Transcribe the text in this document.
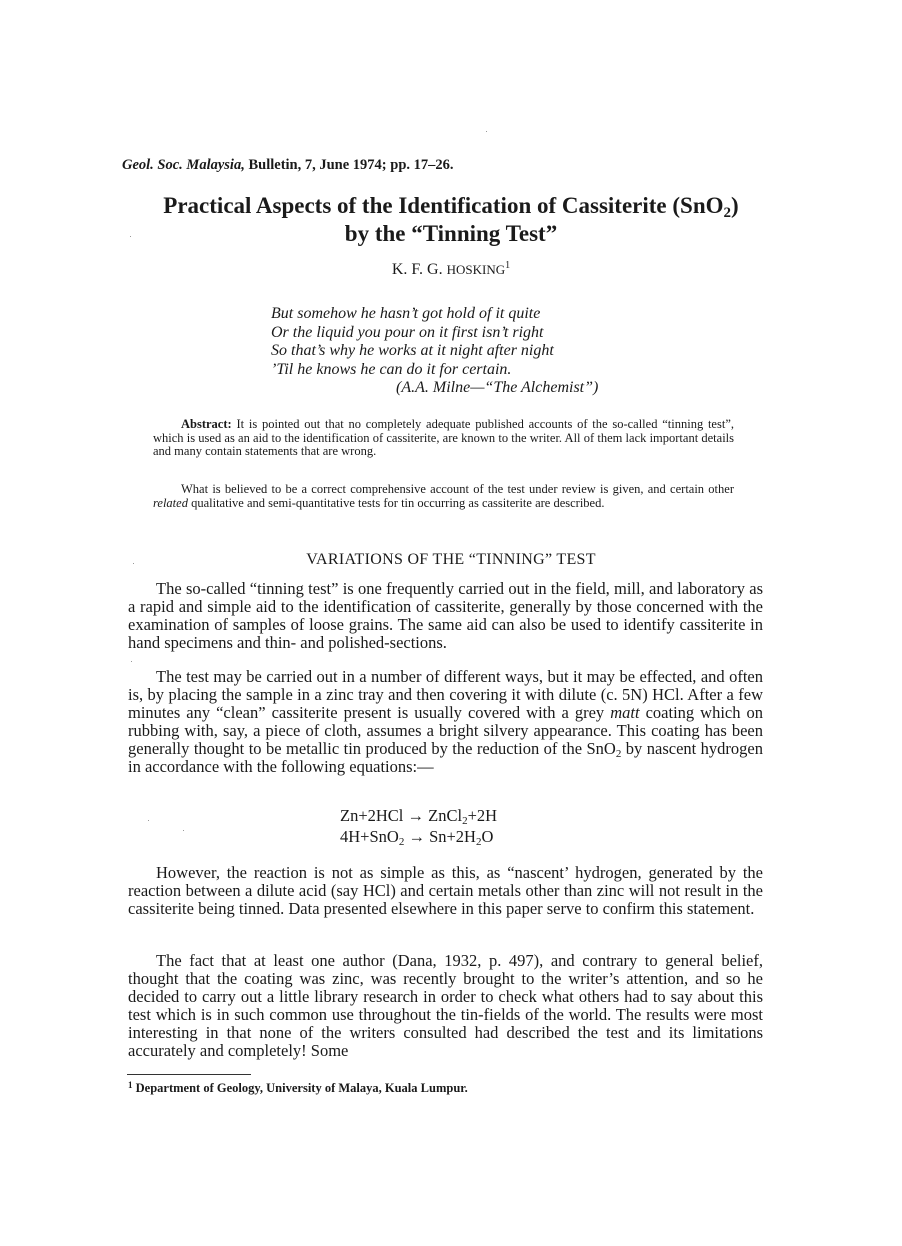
Geol. Soc. Malaysia, Bulletin, 7, June 1974; pp. 17–26.
Practical Aspects of the Identification of Cassiterite (SnO$_2$)
by the “Tinning Test”
K. F. G. HOSKING$^1$
But somehow he hasn’t got hold of it quite
Or the liquid you pour on it first isn’t right
So that’s why he works at it night after night
’Til he knows he can do it for certain.
(A.A. Milne—“The Alchemist”)
Abstract: It is pointed out that no completely adequate published accounts of the so-called “tinning test”, which is used as an aid to the identification of cassiterite, are known to the writer. All of them lack important details and many contain statements that are wrong.
What is believed to be a correct comprehensive account of the test under review is given, and certain other related qualitative and semi-quantitative tests for tin occurring as cassiterite are described.
VARIATIONS OF THE “TINNING” TEST
The so-called “tinning test” is one frequently carried out in the field, mill, and laboratory as a rapid and simple aid to the identification of cassiterite, generally by those concerned with the examination of samples of loose grains. The same aid can also be used to identify cassiterite in hand specimens and thin- and polished-sections.
The test may be carried out in a number of different ways, but it may be effected, and often is, by placing the sample in a zinc tray and then covering it with dilute (c. 5N) HCl. After a few minutes any “clean” cassiterite present is usually covered with a grey matt coating which on rubbing with, say, a piece of cloth, assumes a bright silvery appearance. This coating has been generally thought to be metallic tin produced by the reduction of the SnO$_2$ by nascent hydrogen in accordance with the following equations:—
Zn+2HCl → ZnCl$_2$+2H
$4H+SnO_2 \to Sn+2H_2O$
However, the reaction is not as simple as this, as “nascent’ hydrogen, generated by the reaction between a dilute acid (say HCl) and certain metals other than zinc will not result in the cassiterite being tinned. Data presented elsewhere in this paper serve to confirm this statement.
The fact that at least one author (Dana, 1932, p. 497), and contrary to general belief, thought that the coating was zinc, was recently brought to the writer’s attention, and so he decided to carry out a little library research in order to check what others had to say about this test which is in such common use throughout the tin-fields of the world. The results were most interesting in that none of the writers consulted had described the test and its limitations accurately and completely! Some
$^1$ Department of Geology, University of Malaya, Kuala Lumpur.
